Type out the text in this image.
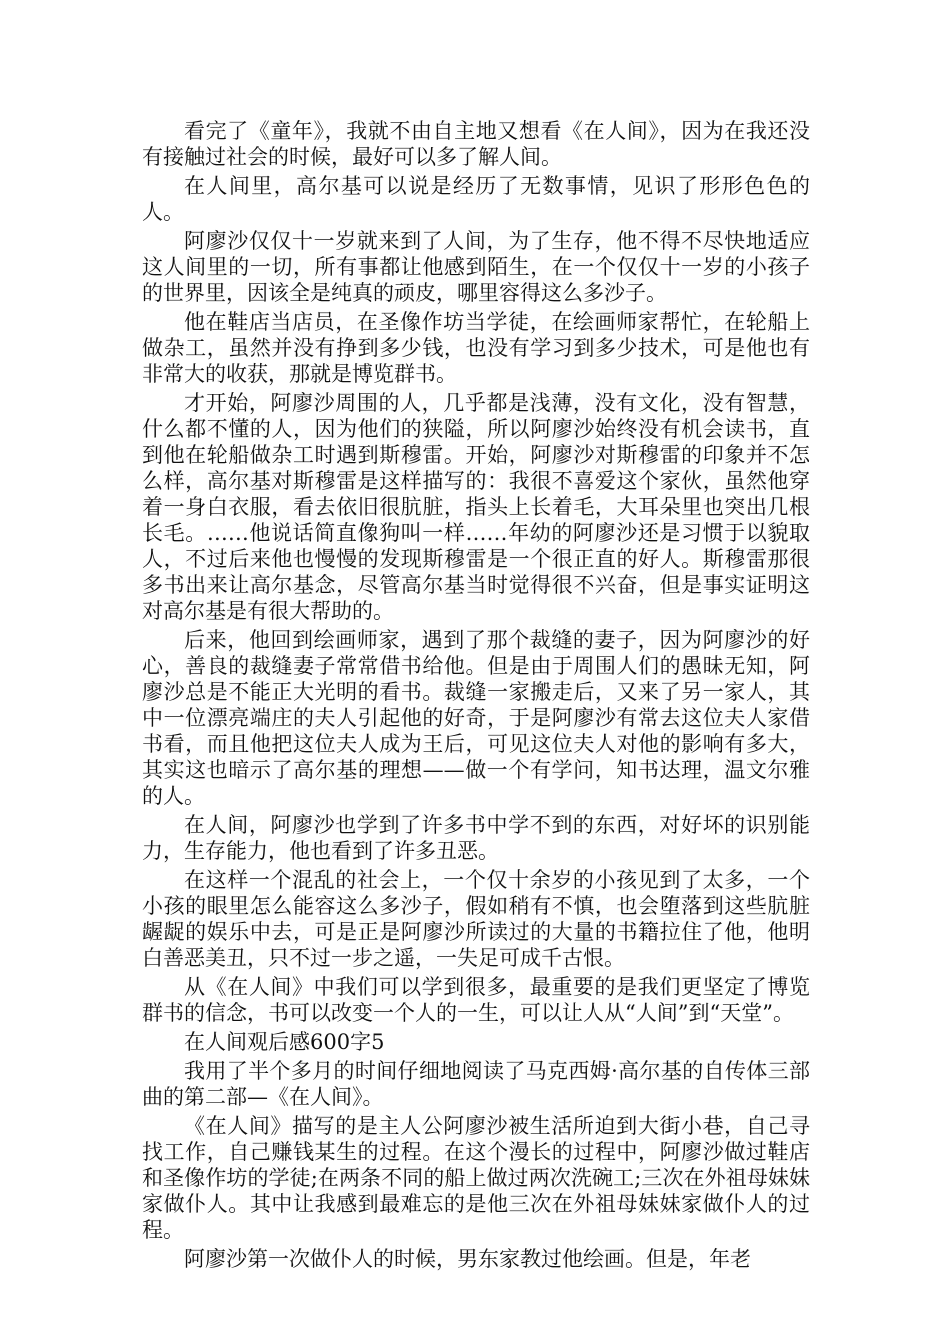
看完了《童年》，我就不由自主地又想看《在人间》，因为在我还没有接触过社会的时候，最好可以多了解人间。

在人间里，高尔基可以说是经历了无数事情，见识了形形色色的人。

阿廖沙仅仅十一岁就来到了人间，为了生存，他不得不尽快地适应这人间里的一切，所有事都让他感到陌生，在一个仅仅十一岁的小孩子的世界里，因该全是纯真的顽皮，哪里容得这么多沙子。

他在鞋店当店员，在圣像作坊当学徒，在绘画师家帮忙，在轮船上做杂工，虽然并没有挣到多少钱，也没有学习到多少技术，可是他也有非常大的收获，那就是博览群书。

才开始，阿廖沙周围的人，几乎都是浅薄，没有文化，没有智慧，什么都不懂的人，因为他们的狭隘，所以阿廖沙始终没有机会读书，直到他在轮船做杂工时遇到斯穆雷。开始，阿廖沙对斯穆雷的印象并不怎么样，高尔基对斯穆雷是这样描写的：我很不喜爱这个家伙，虽然他穿着一身白衣服，看去依旧很肮脏，指头上长着毛，大耳朵里也突出几根长毛。……他说话简直像狗叫一样……年幼的阿廖沙还是习惯于以貌取人，不过后来他也慢慢的发现斯穆雷是一个很正直的好人。斯穆雷那很多书出来让高尔基念，尽管高尔基当时觉得很不兴奋，但是事实证明这对高尔基是有很大帮助的。

后来，他回到绘画师家，遇到了那个裁缝的妻子，因为阿廖沙的好心，善良的裁缝妻子常常借书给他。但是由于周围人们的愚昧无知，阿廖沙总是不能正大光明的看书。裁缝一家搬走后，又来了另一家人，其中一位漂亮端庄的夫人引起他的好奇，于是阿廖沙有常去这位夫人家借书看，而且他把这位夫人成为王后，可见这位夫人对他的影响有多大，其实这也暗示了高尔基的理想——做一个有学问，知书达理，温文尔雅的人。

在人间，阿廖沙也学到了许多书中学不到的东西，对好坏的识别能力，生存能力，他也看到了许多丑恶。

在这样一个混乱的社会上，一个仅十余岁的小孩见到了太多，一个小孩的眼里怎么能容这么多沙子，假如稍有不慎，也会堕落到这些肮脏龌龊的娱乐中去，可是正是阿廖沙所读过的大量的书籍拉住了他，他明白善恶美丑，只不过一步之遥，一失足可成千古恨。

从《在人间》中我们可以学到很多，最重要的是我们更坚定了博览群书的信念，书可以改变一个人的一生，可以让人从“人间”到“天堂”。

在人间观后感600字5

我用了半个多月的时间仔细地阅读了马克西姆·高尔基的自传体三部曲的第二部—《在人间》。

《在人间》描写的是主人公阿廖沙被生活所迫到大街小巷，自己寻找工作，自己赚钱某生的过程。在这个漫长的过程中，阿廖沙做过鞋店和圣像作坊的学徒;在两条不同的船上做过两次洗碗工;三次在外祖母妹妹家做仆人。其中让我感到最难忘的是他三次在外祖母妹妹家做仆人的过程。

阿廖沙第一次做仆人的时候，男东家教过他绘画。但是，年老
